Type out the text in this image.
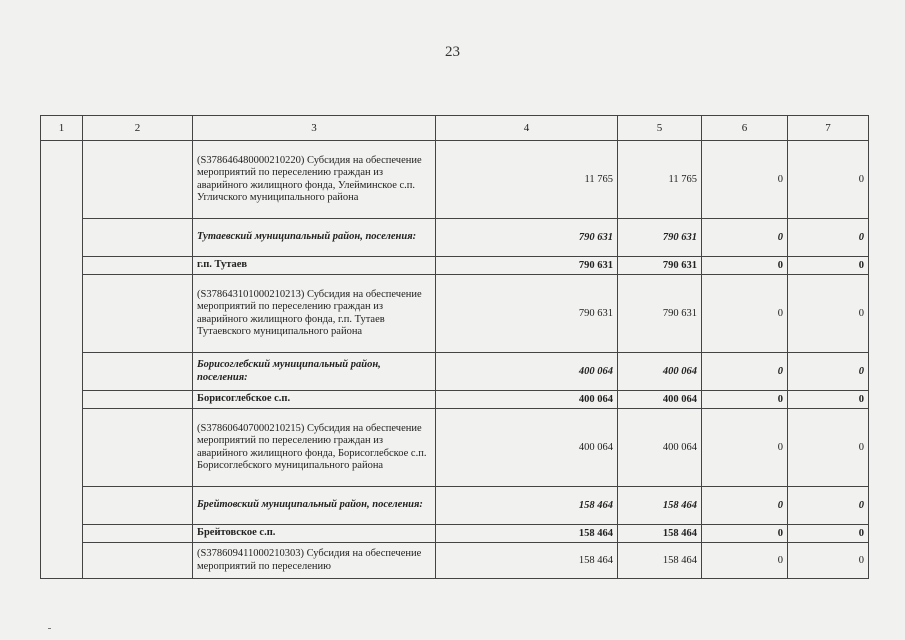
23
1	2	3	4	5	6	7
		(S378646480000210220) Субсидия на обеспечение мероприятий по переселению граждан из аварийного жилищного фонда, Улейминское с.п. Угличского муниципального района	11 765	11 765	0	0
		Тутаевский муниципальный район, поселения:	790 631	790 631	0	0
		г.п. Тутаев	790 631	790 631	0	0
		(S378643101000210213) Субсидия на обеспечение мероприятий по переселению граждан из аварийного жилищного фонда, г.п. Тутаев Тутаевского муниципального района	790 631	790 631	0	0
		Борисоглебский муниципальный район, поселения:	400 064	400 064	0	0
		Борисоглебское с.п.	400 064	400 064	0	0
		(S378606407000210215) Субсидия на обеспечение мероприятий по переселению граждан из аварийного жилищного фонда, Борисоглебское с.п. Борисоглебского муниципального района	400 064	400 064	0	0
		Брейтовский муниципальный район, поселения:	158 464	158 464	0	0
		Брейтовское с.п.	158 464	158 464	0	0
		(S378609411000210303) Субсидия на обеспечение мероприятий по переселению	158 464	158 464	0	0
